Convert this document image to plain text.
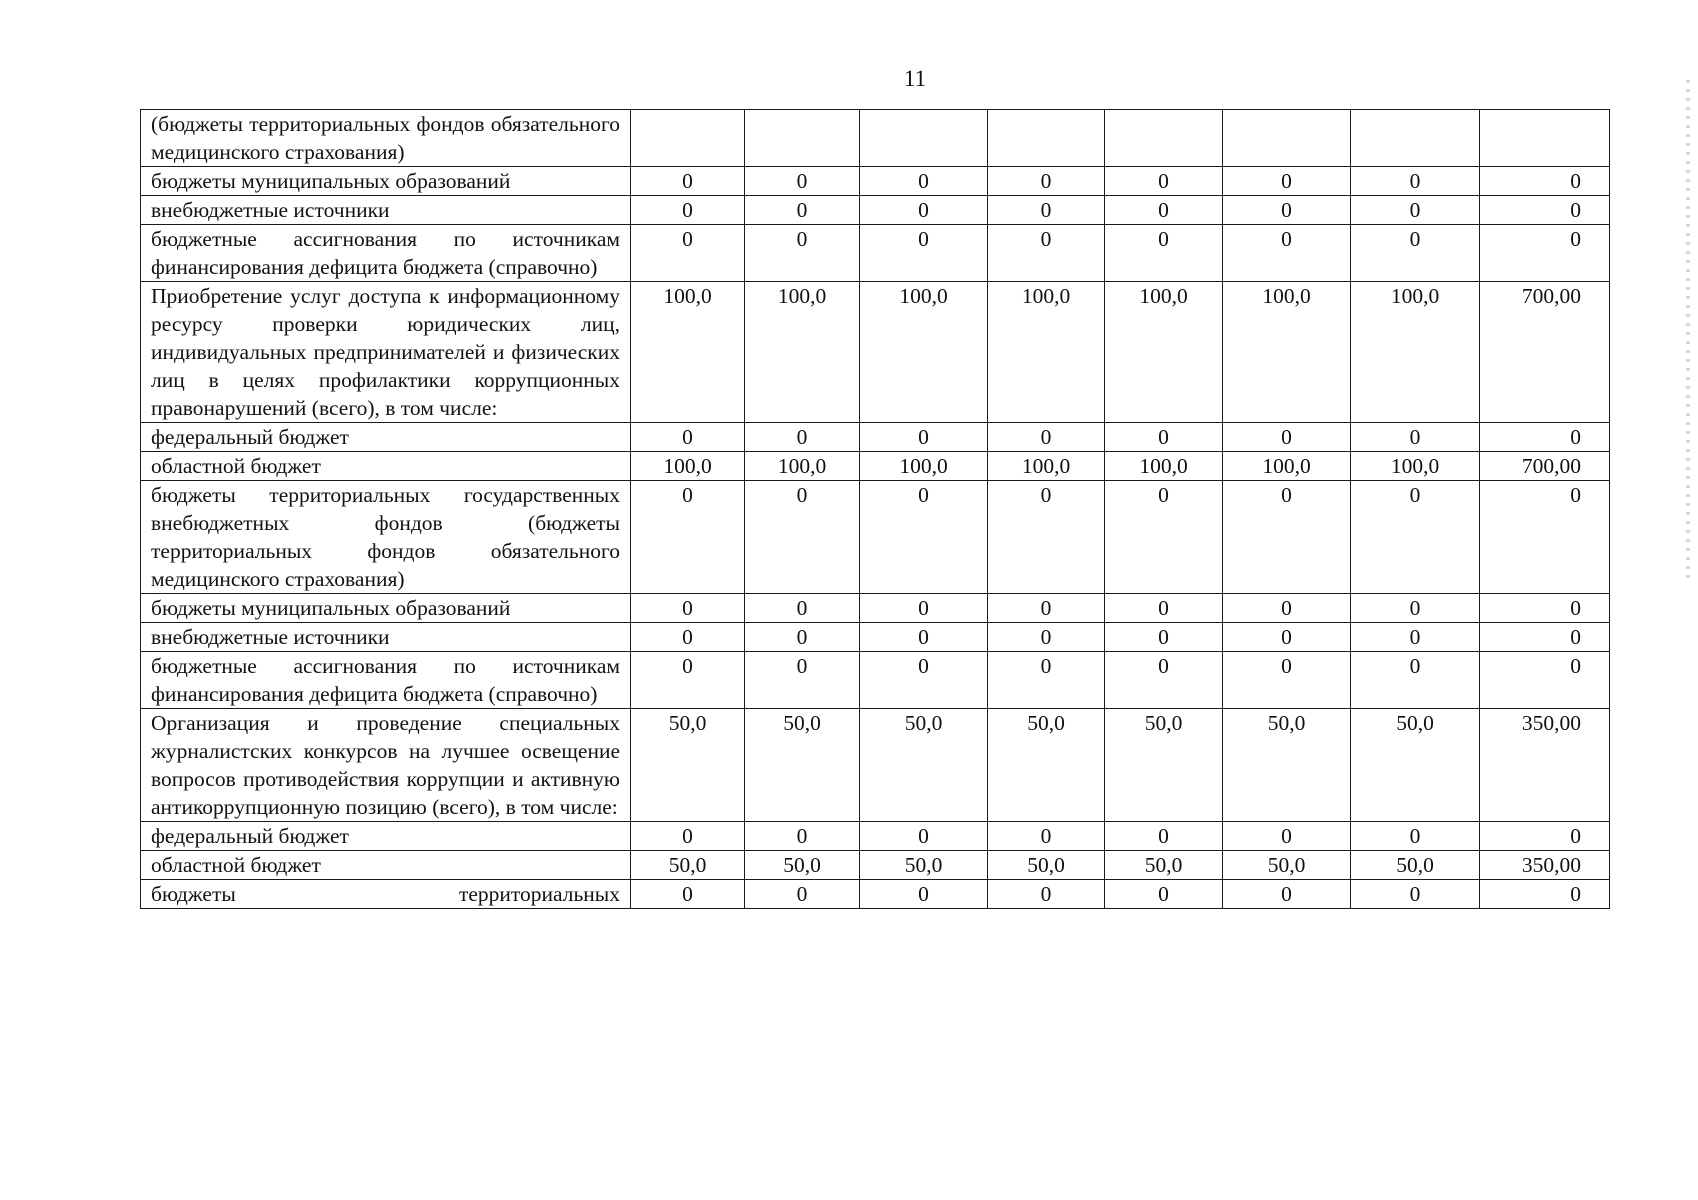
11
(бюджеты территориальных фондов обязательного медицинского страхования)								
бюджеты муниципальных образований	0	0	0	0	0	0	0	0
внебюджетные источники	0	0	0	0	0	0	0	0
бюджетные ассигнования по источникам финансирования дефицита бюджета (справочно)	0	0	0	0	0	0	0	0
Приобретение услуг доступа к информационному ресурсу проверки юридических лиц, индивидуальных предпринимателей и физических лиц в целях профилактики коррупционных правонарушений (всего), в том числе:	100,0	100,0	100,0	100,0	100,0	100,0	100,0	700,00
федеральный бюджет	0	0	0	0	0	0	0	0
областной бюджет	100,0	100,0	100,0	100,0	100,0	100,0	100,0	700,00
бюджеты территориальных государственных внебюджетных фондов (бюджеты территориальных фондов обязательного медицинского страхования)	0	0	0	0	0	0	0	0
бюджеты муниципальных образований	0	0	0	0	0	0	0	0
внебюджетные источники	0	0	0	0	0	0	0	0
бюджетные ассигнования по источникам финансирования дефицита бюджета (справочно)	0	0	0	0	0	0	0	0
Организация и проведение специальных журналистских конкурсов на лучшее освещение вопросов противодействия коррупции и активную антикоррупционную позицию (всего), в том числе:	50,0	50,0	50,0	50,0	50,0	50,0	50,0	350,00
федеральный бюджет	0	0	0	0	0	0	0	0
областной бюджет	50,0	50,0	50,0	50,0	50,0	50,0	50,0	350,00
бюджеты территориальных	0	0	0	0	0	0	0	0
